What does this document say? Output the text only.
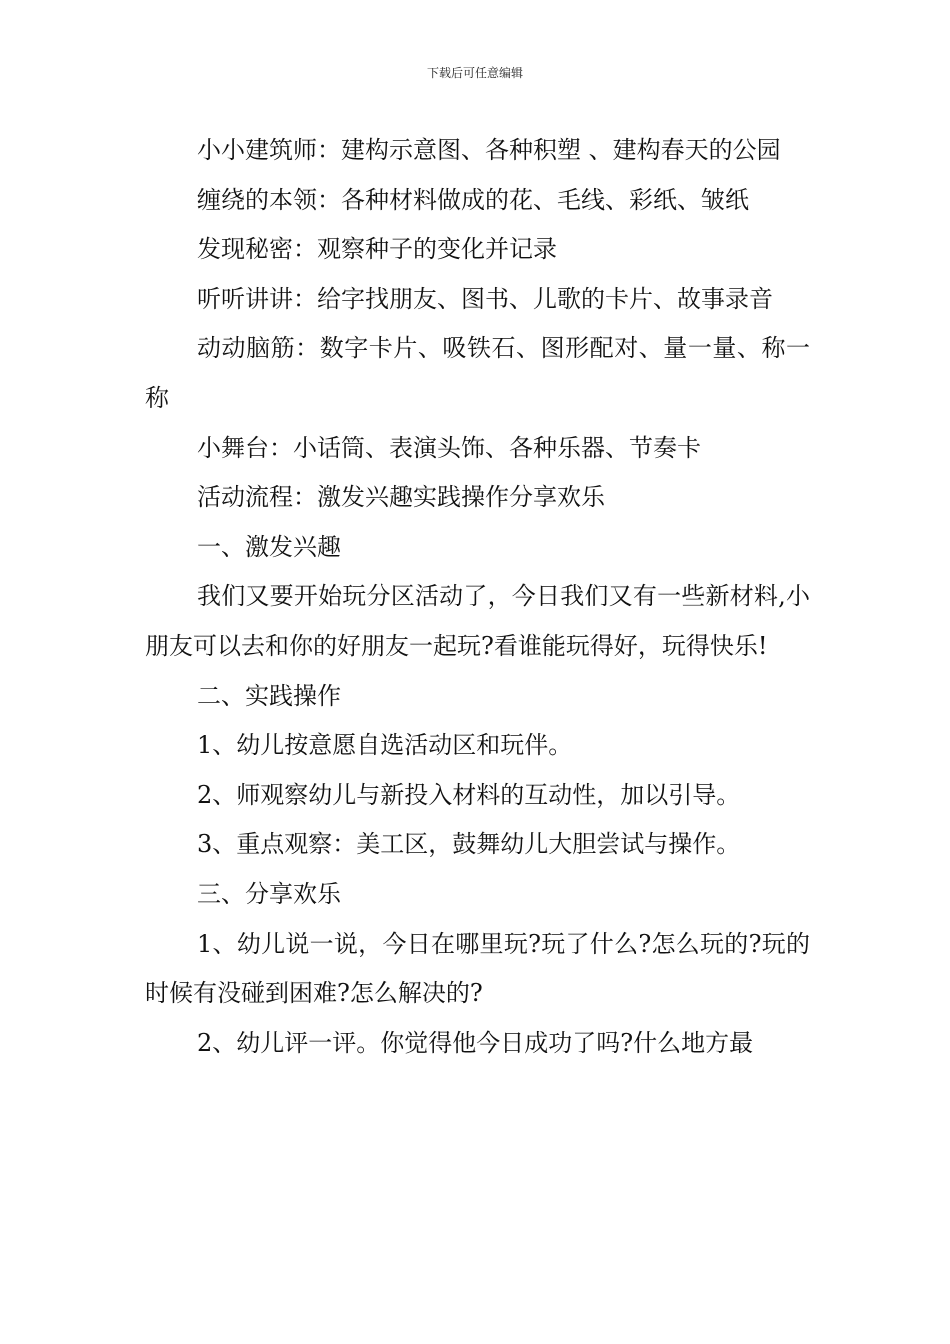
下载后可任意编辑

小小建筑师：建构示意图、各种积塑 、建构春天的公园

缠绕的本领：各种材料做成的花、毛线、彩纸、皱纸

发现秘密：观察种子的变化并记录

听听讲讲：给字找朋友、图书、儿歌的卡片、故事录音

动动脑筋：数字卡片、吸铁石、图形配对、量一量、称一称

小舞台：小话筒、表演头饰、各种乐器、节奏卡

活动流程：激发兴趣实践操作分享欢乐

一、激发兴趣

我们又要开始玩分区活动了，今日我们又有一些新材料,小朋友可以去和你的好朋友一起玩?看谁能玩得好，玩得快乐!

二、实践操作

1、幼儿按意愿自选活动区和玩伴。

2、师观察幼儿与新投入材料的互动性，加以引导。

3、重点观察：美工区，鼓舞幼儿大胆尝试与操作。

三、分享欢乐

1、幼儿说一说，今日在哪里玩?玩了什么?怎么玩的?玩的时候有没碰到困难?怎么解决的?

2、幼儿评一评。你觉得他今日成功了吗?什么地方最
